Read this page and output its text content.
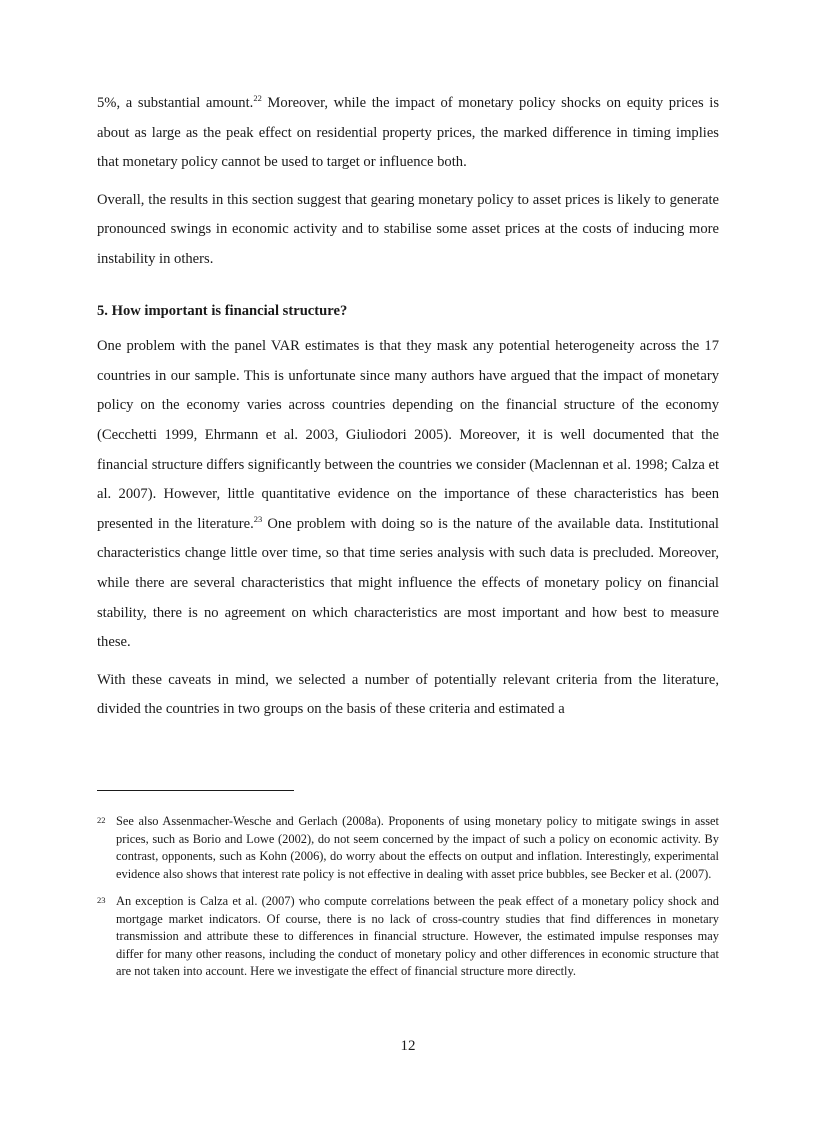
5%, a substantial amount.$^{22}$ Moreover, while the impact of monetary policy shocks on equity prices is about as large as the peak effect on residential property prices, the marked difference in timing implies that monetary policy cannot be used to target or influence both.

Overall, the results in this section suggest that gearing monetary policy to asset prices is likely to generate pronounced swings in economic activity and to stabilise some asset prices at the costs of inducing more instability in others.

5. How important is financial structure?

One problem with the panel VAR estimates is that they mask any potential heterogeneity across the 17 countries in our sample. This is unfortunate since many authors have argued that the impact of monetary policy on the economy varies across countries depending on the financial structure of the economy (Cecchetti 1999, Ehrmann et al. 2003, Giuliodori 2005). Moreover, it is well documented that the financial structure differs significantly between the countries we consider (Maclennan et al. 1998; Calza et al. 2007). However, little quantitative evidence on the importance of these characteristics has been presented in the literature.$^{23}$ One problem with doing so is the nature of the available data. Institutional characteristics change little over time, so that time series analysis with such data is precluded. Moreover, while there are several characteristics that might influence the effects of monetary policy on financial stability, there is no agreement on which characteristics are most important and how best to measure these.

With these caveats in mind, we selected a number of potentially relevant criteria from the literature, divided the countries in two groups on the basis of these criteria and estimated a

22 See also Assenmacher-Wesche and Gerlach (2008a). Proponents of using monetary policy to mitigate swings in asset prices, such as Borio and Lowe (2002), do not seem concerned by the impact of such a policy on economic activity. By contrast, opponents, such as Kohn (2006), do worry about the effects on output and inflation. Interestingly, experimental evidence also shows that interest rate policy is not effective in dealing with asset price bubbles, see Becker et al. (2007).
23 An exception is Calza et al. (2007) who compute correlations between the peak effect of a monetary policy shock and mortgage market indicators. Of course, there is no lack of cross-country studies that find differences in monetary transmission and attribute these to differences in financial structure. However, the estimated impulse responses may differ for many other reasons, including the conduct of monetary policy and other differences in economic structure that are not taken into account. Here we investigate the effect of financial structure more directly.
12
